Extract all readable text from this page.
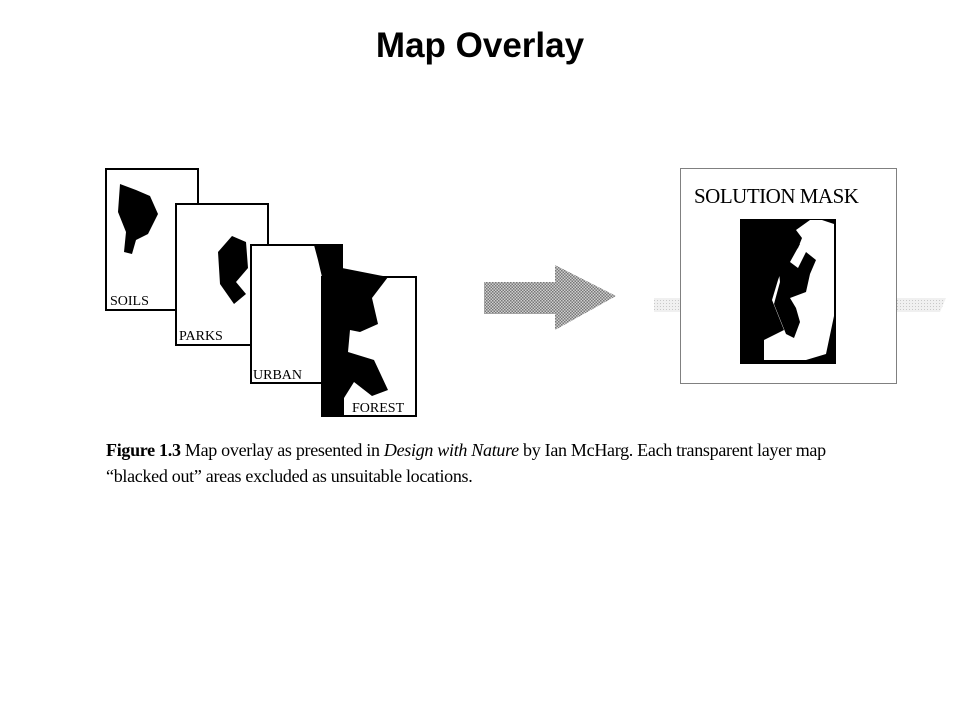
Map Overlay
SOILS
PARKS
URBAN
FOREST
SOLUTION MASK
Figure 1.3 Map overlay as presented in Design with Nature by Ian McHarg. Each transparent layer map
“blacked out” areas excluded as unsuitable locations.
